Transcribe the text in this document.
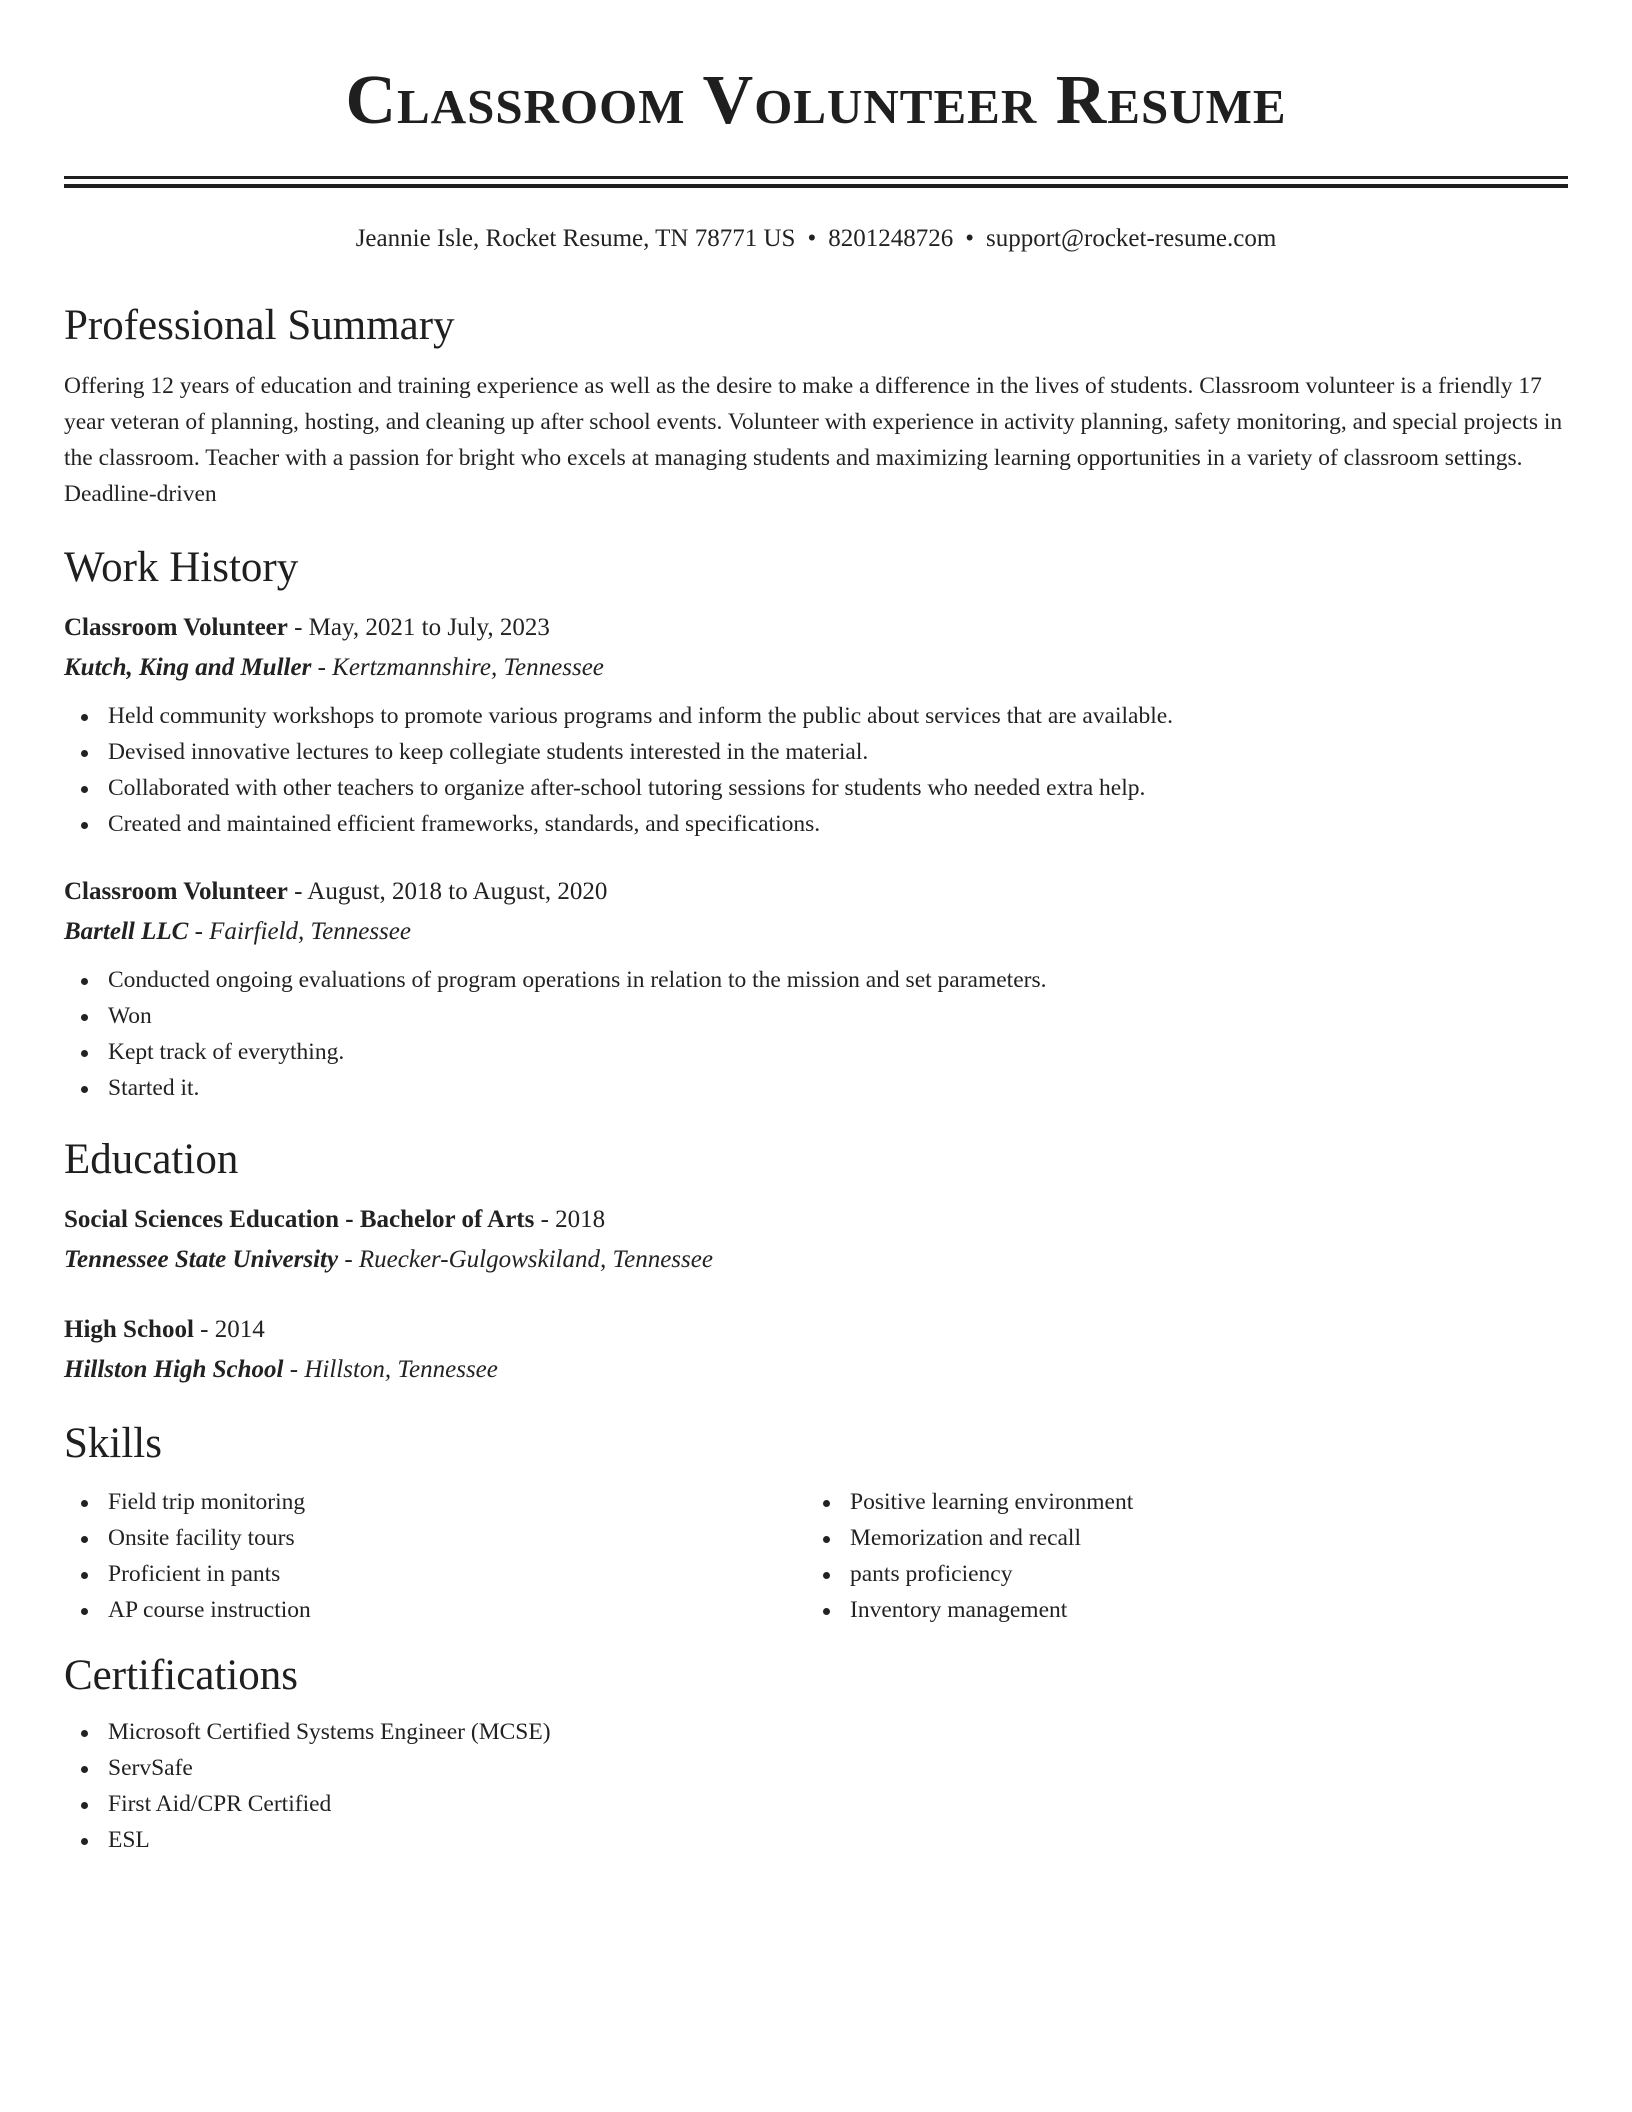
Classroom Volunteer Resume
Jeannie Isle, Rocket Resume, TN 78771 US • 8201248726 • support@rocket-resume.com
Professional Summary

Offering 12 years of education and training experience as well as the desire to make a difference in the lives of students. Classroom volunteer is a friendly 17 year veteran of planning, hosting, and cleaning up after school events. Volunteer with experience in activity planning, safety monitoring, and special projects in the classroom. Teacher with a passion for bright who excels at managing students and maximizing learning opportunities in a variety of classroom settings. Deadline-driven

Work History
Classroom Volunteer - May, 2021 to July, 2023
Kutch, King and Muller - Kertzmannshire, Tennessee
Held community workshops to promote various programs and inform the public about services that are available.
Devised innovative lectures to keep collegiate students interested in the material.
Collaborated with other teachers to organize after-school tutoring sessions for students who needed extra help.
Created and maintained efficient frameworks, standards, and specifications.
Classroom Volunteer - August, 2018 to August, 2020
Bartell LLC - Fairfield, Tennessee
Conducted ongoing evaluations of program operations in relation to the mission and set parameters.
Won
Kept track of everything.
Started it.
Education
Social Sciences Education - Bachelor of Arts - 2018
Tennessee State University - Ruecker-Gulgowskiland, Tennessee
High School - 2014
Hillston High School - Hillston, Tennessee
Skills
Field trip monitoring
Onsite facility tours
Proficient in pants
AP course instruction
Positive learning environment
Memorization and recall
pants proficiency
Inventory management
Certifications
Microsoft Certified Systems Engineer (MCSE)
ServSafe
First Aid/CPR Certified
ESL
